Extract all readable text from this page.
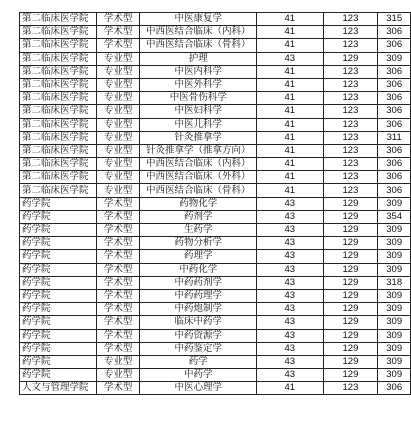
第二临床医学院	学术型	中医康复学	41	123	315
第二临床医学院	学术型	中西医结合临床（内科）	41	123	306
第二临床医学院	学术型	中西医结合临床（骨科）	41	123	306
第二临床医学院	专业型	护理	43	129	309
第二临床医学院	专业型	中医内科学	41	123	306
第二临床医学院	专业型	中医外科学	41	123	306
第二临床医学院	专业型	中医骨伤科学	41	123	306
第二临床医学院	专业型	中医妇科学	41	123	306
第二临床医学院	专业型	中医儿科学	41	123	306
第二临床医学院	专业型	针灸推拿学	41	123	311
第二临床医学院	专业型	针灸推拿学（推拿方向）	41	123	306
第二临床医学院	专业型	中西医结合临床（内科）	41	123	306
第二临床医学院	专业型	中西医结合临床（外科）	41	123	306
第二临床医学院	专业型	中西医结合临床（骨科）	41	123	306
药学院	学术型	药物化学	43	129	309
药学院	学术型	药剂学	43	129	354
药学院	学术型	生药学	43	129	309
药学院	学术型	药物分析学	43	129	309
药学院	学术型	药理学	43	129	309
药学院	学术型	中药化学	43	129	309
药学院	学术型	中药药剂学	43	129	318
药学院	学术型	中药药理学	43	129	309
药学院	学术型	中药炮制学	43	129	309
药学院	学术型	临床中药学	43	129	309
药学院	学术型	中药资源学	43	129	309
药学院	学术型	中药鉴定学	43	129	309
药学院	专业型	药学	43	129	309
药学院	专业型	中药学	43	129	309
人文与管理学院	学术型	中医心理学	41	123	306
